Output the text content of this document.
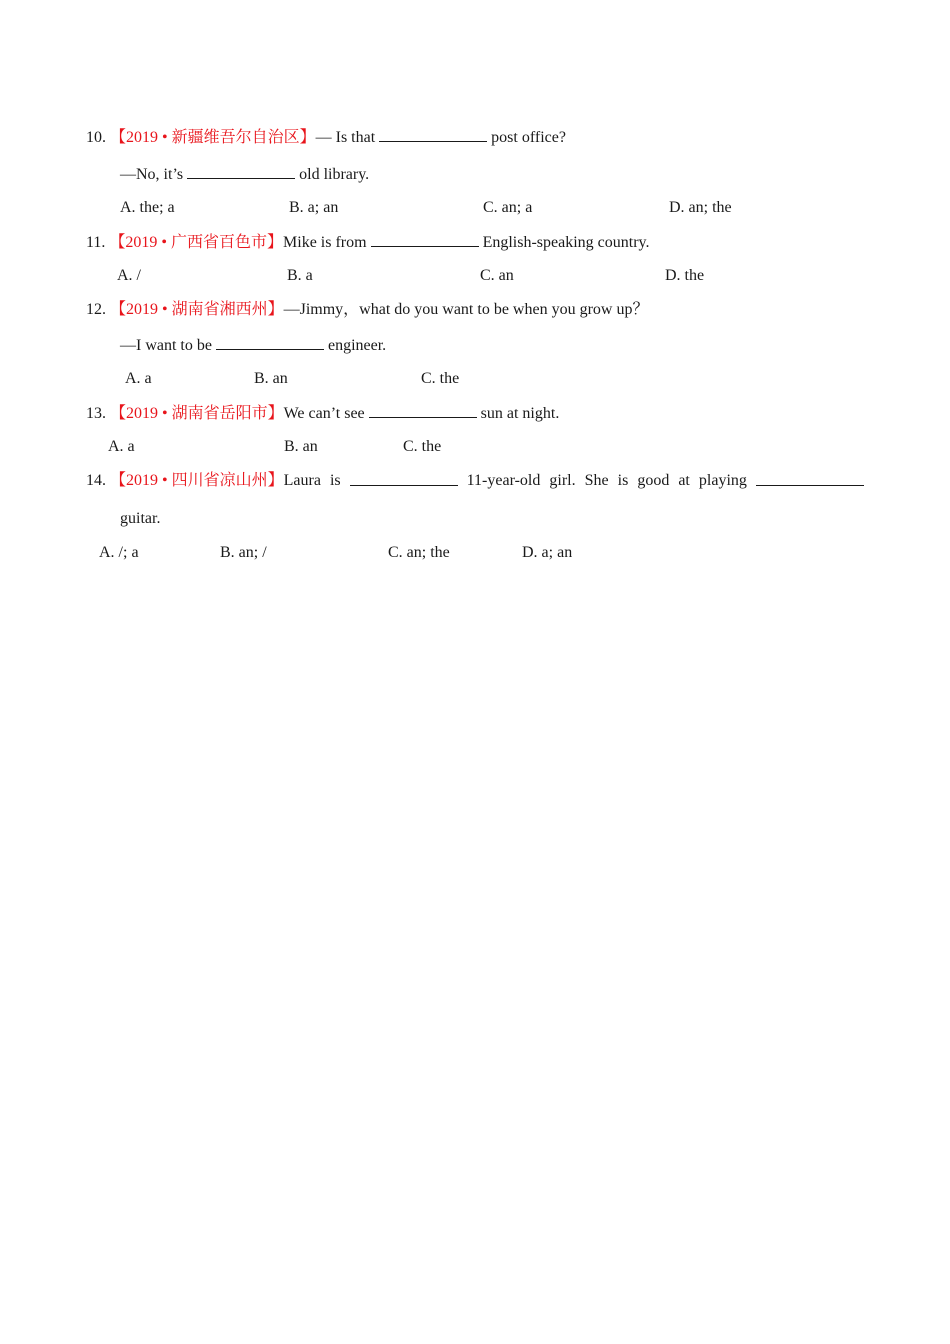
10. 【2019 • 新疆维吾尔自治区】— Is that	post office?
—No, it’s	old library.
A. the; a	B. a; an	C. an; a	D. an; the
11. 【2019 • 广西省百色市】Mike is from	English-speaking country.
A. /	B. a	C. an	D. the
12. 【2019 • 湖南省湘西州】—Jimmy，what do you want to be when you grow up？
—I want to be	engineer.
A. a	B. an	C. the
13. 【2019 • 湖南省岳阳市】We can’t see	sun at night.
A. a	B. an	C. the
14. 【2019 • 四川省凉山州】Laura is	11-year-old girl. She is good at playing
guitar.
A. /; a	B. an; /	C. an; the	D. a; an
